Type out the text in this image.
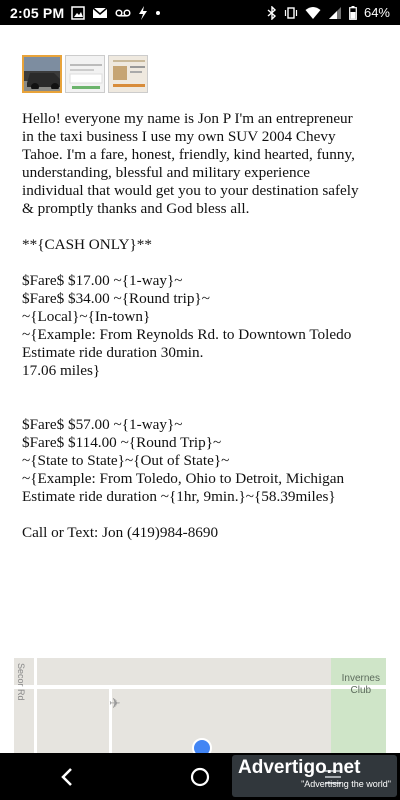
2:05 PM	64%
Hello! everyone my name is Jon P I'm an entrepreneur in the taxi business I use my own SUV 2004 Chevy Tahoe. I'm a fare, honest, friendly, kind hearted, funny, understanding, blessful and military experience individual that would get you to your destination safely & promptly thanks and God bless all.

**{CASH ONLY}**

$Fare$ $17.00 ~{1-way}~
$Fare$ $34.00 ~{Round trip}~
~{Local}~{In-town}
~{Example: From Reynolds Rd. to Downtown Toledo
Estimate ride duration 30min.
17.06 miles}

$Fare$ $57.00 ~{1-way}~
$Fare$ $114.00 ~{Round Trip}~
~{State to State}~{Out of State}~
~{Example: From Toledo, Ohio to Detroit, Michigan Estimate ride duration ~{1hr, 9min.}~{58.39miles}

Call or Text: Jon (419)984-8690
Secor Rd	Invernes
Club
✈
Advertigo.net
"Advertising the world"
